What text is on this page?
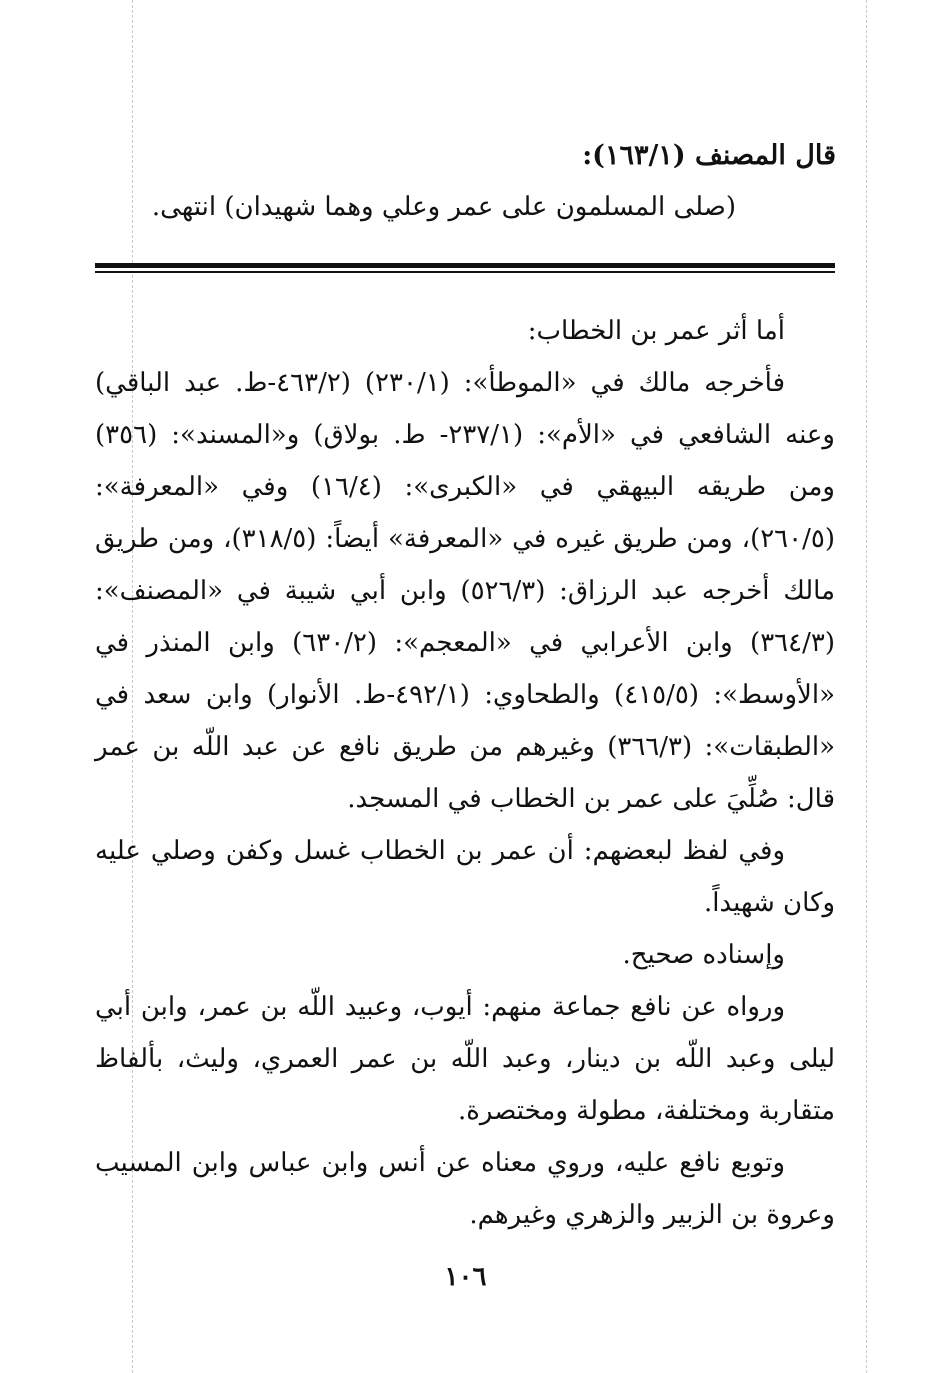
قال المصنف (١٦٣/١):
(صلى المسلمون على عمر وعلي وهما شهيدان) انتهى.

أما أثر عمر بن الخطاب:

فأخرجه مالك في «الموطأ»: (٢٣٠/١) (٤٦٣/٢-ط. عبد الباقي) وعنه الشافعي في «الأم»: (٢٣٧/١- ط. بولاق) و«المسند»: (٣٥٦) ومن طريقه البيهقي في «الكبرى»: (١٦/٤) وفي «المعرفة»: (٢٦٠/٥)، ومن طريق غيره في «المعرفة» أيضاً: (٣١٨/٥)، ومن طريق مالك أخرجه عبد الرزاق: (٥٢٦/٣) وابن أبي شيبة في «المصنف»: (٣٦٤/٣) وابن الأعرابي في «المعجم»: (٦٣٠/٢) وابن المنذر في «الأوسط»: (٤١٥/٥) والطحاوي: (٤٩٢/١-ط. الأنوار) وابن سعد في «الطبقات»: (٣٦٦/٣) وغيرهم من طريق نافع عن عبد اللّه بن عمر قال: صُلِّيَ على عمر بن الخطاب في المسجد.

وفي لفظ لبعضهم: أن عمر بن الخطاب غسل وكفن وصلي عليه وكان شهيداً.

وإسناده صحيح.

ورواه عن نافع جماعة منهم: أيوب، وعبيد اللّه بن عمر، وابن أبي ليلى وعبد اللّه بن دينار، وعبد اللّه بن عمر العمري، وليث، بألفاظ متقاربة ومختلفة، مطولة ومختصرة.

وتوبع نافع عليه، وروي معناه عن أنس وابن عباس وابن المسيب وعروة بن الزبير والزهري وغيرهم.

١٠٦
